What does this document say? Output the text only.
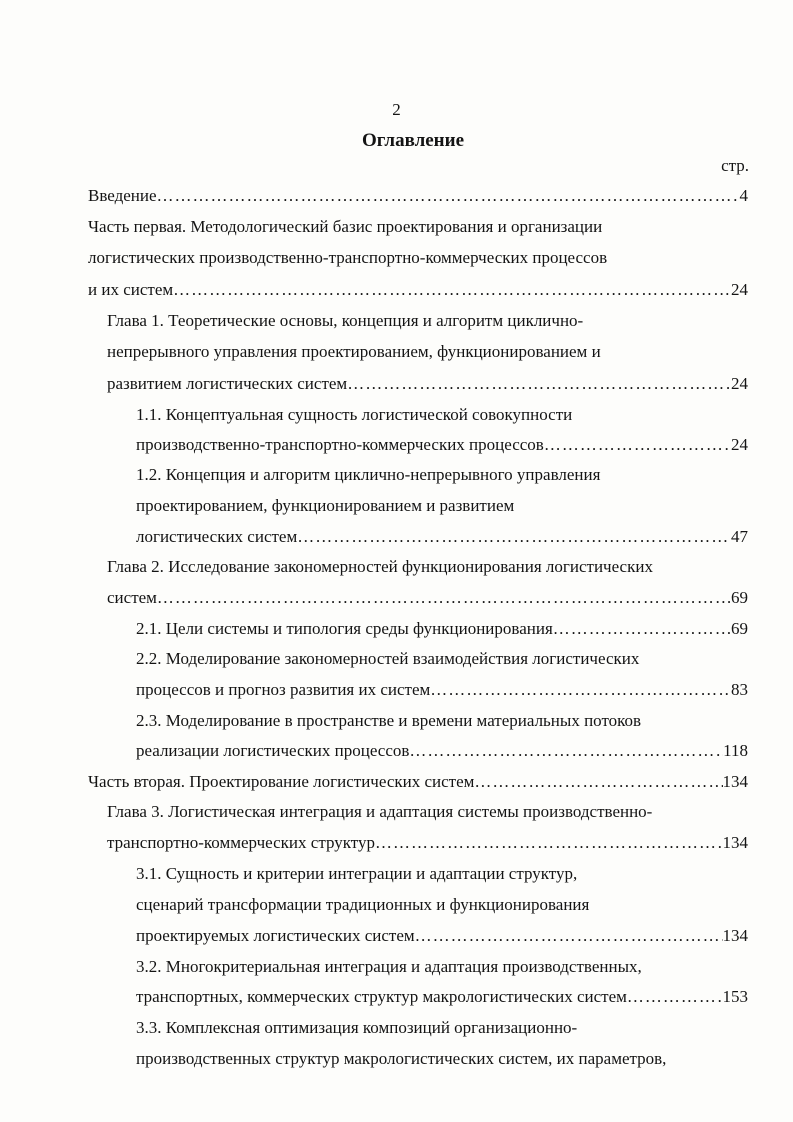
2
Оглавление
стр.
Введение ……………………………………………………………………………………………………………………………………………………………………………………………	4
Часть первая. Методологический базис проектирования и организации
логистических производственно-транспортно-коммерческих процессов
и их систем ……………………………………………………………………………………………………………………………………………………………………………………………	24
Глава 1. Теоретические основы, концепция и алгоритм циклично-
непрерывного управления проектированием, функционированием и
развитием логистических систем ……………………………………………………………………………………………………………………………………………………………………………………………	24
1.1. Концептуальная сущность логистической совокупности
производственно-транспортно-коммерческих процессов ……………………………………………………………………………………………………………………………………………………………………………………………	24
1.2. Концепция и алгоритм циклично-непрерывного управления
проектированием, функционированием и развитием
логистических систем ……………………………………………………………………………………………………………………………………………………………………………………………	47
Глава 2. Исследование закономерностей функционирования логистических
систем ……………………………………………………………………………………………………………………………………………………………………………………………	69
2.1. Цели системы и типология среды функционирования ……………………………………………………………………………………………………………………………………………………………………………………………	69
2.2. Моделирование закономерностей взаимодействия логистических
процессов и прогноз развития их систем ……………………………………………………………………………………………………………………………………………………………………………………………	83
2.3. Моделирование в пространстве и времени материальных потоков
реализации логистических процессов ……………………………………………………………………………………………………………………………………………………………………………………………	118
Часть вторая. Проектирование логистических систем ……………………………………………………………………………………………………………………………………………………………………………………………	134
Глава 3. Логистическая интеграция и адаптация системы производственно-
транспортно-коммерческих структур ……………………………………………………………………………………………………………………………………………………………………………………………	134
3.1. Сущность и критерии интеграции и адаптации структур,
сценарий трансформации традиционных и функционирования
проектируемых логистических систем ……………………………………………………………………………………………………………………………………………………………………………………………	134
3.2. Многокритериальная интеграция и адаптация производственных,
транспортных, коммерческих структур макрологистических систем ……………………………………………………………………………………………………………………………………………………………………………………………	153
3.3. Комплексная оптимизация композиций организационно-
производственных структур макрологистических систем, их параметров,
